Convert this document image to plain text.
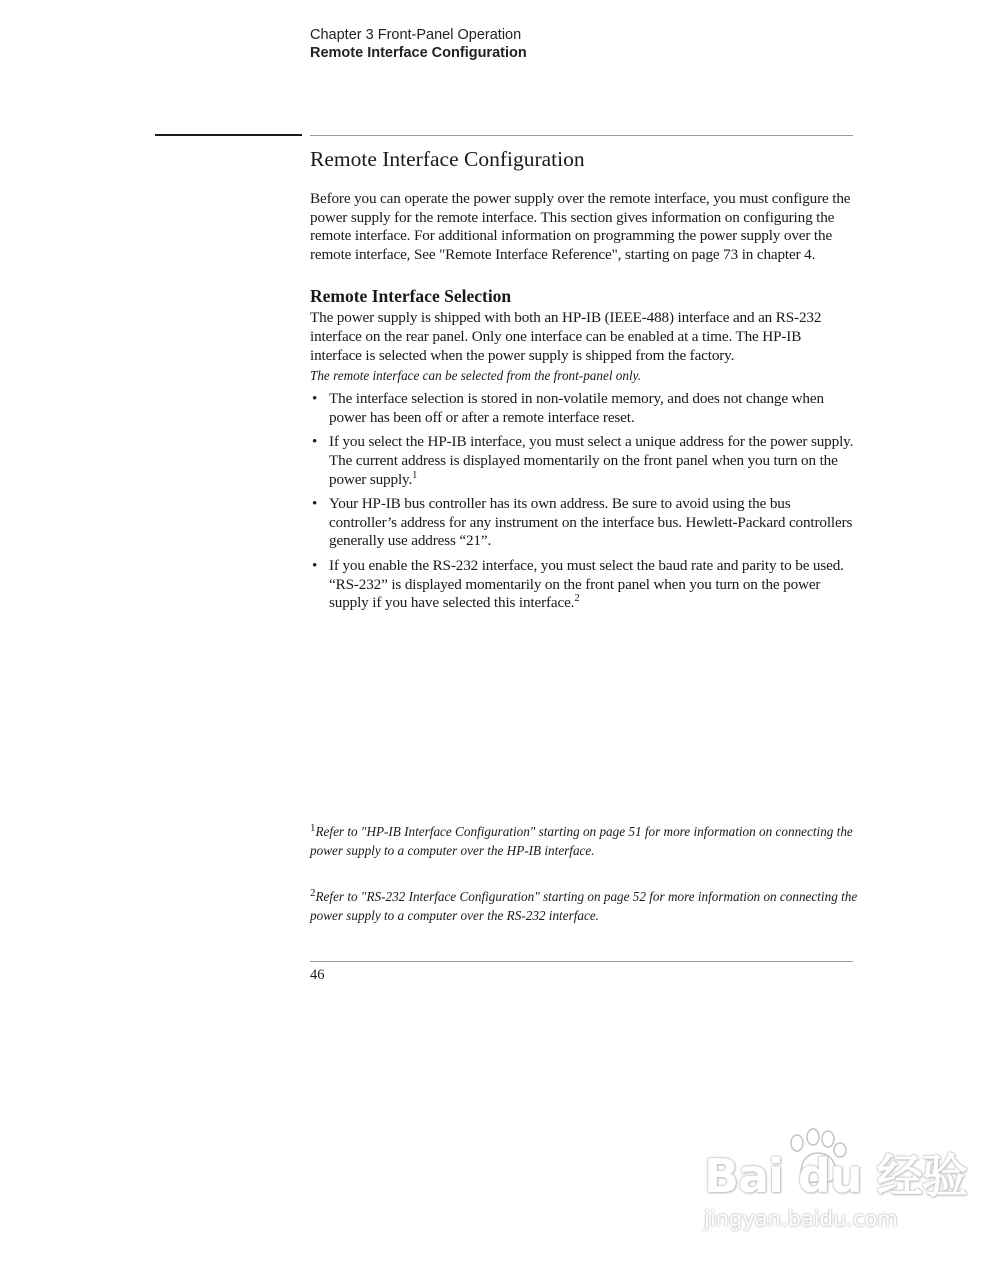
Chapter 3 Front-Panel Operation
Remote Interface Configuration
Remote Interface Configuration

Before you can operate the power supply over the remote interface, you must configure the power supply for the remote interface. This section gives information on configuring the remote interface. For additional information on programming the power supply over the remote interface, See "Remote Interface Reference", starting on page 73 in chapter 4.

Remote Interface Selection

The power supply is shipped with both an HP-IB (IEEE-488) interface and an RS-232 interface on the rear panel. Only one interface can be enabled at a time. The HP-IB interface is selected when the power supply is shipped from the factory.

The remote interface can be selected from the front-panel only.

• The interface selection is stored in non-volatile memory, and does not change when power has been off or after a remote interface reset.
• If you select the HP-IB interface, you must select a unique address for the power supply. The current address is displayed momentarily on the front panel when you turn on the power supply.$^1$
• Your HP-IB bus controller has its own address. Be sure to avoid using the bus controller’s address for any instrument on the interface bus. Hewlett-Packard controllers generally use address “21”.
• If you enable the RS-232 interface, you must select the baud rate and parity to be used. “RS-232” is displayed momentarily on the front panel when you turn on the power supply if you have selected this interface.$^2$

$^1$Refer to "HP-IB Interface Configuration" starting on page 51 for more information on connecting the power supply to a computer over the HP-IB interface.

$^2$Refer to "RS-232 Interface Configuration" starting on page 52 for more information on connecting the power supply to a computer over the RS-232 interface.

46
Bai du 经验
jingyan.baidu.com
